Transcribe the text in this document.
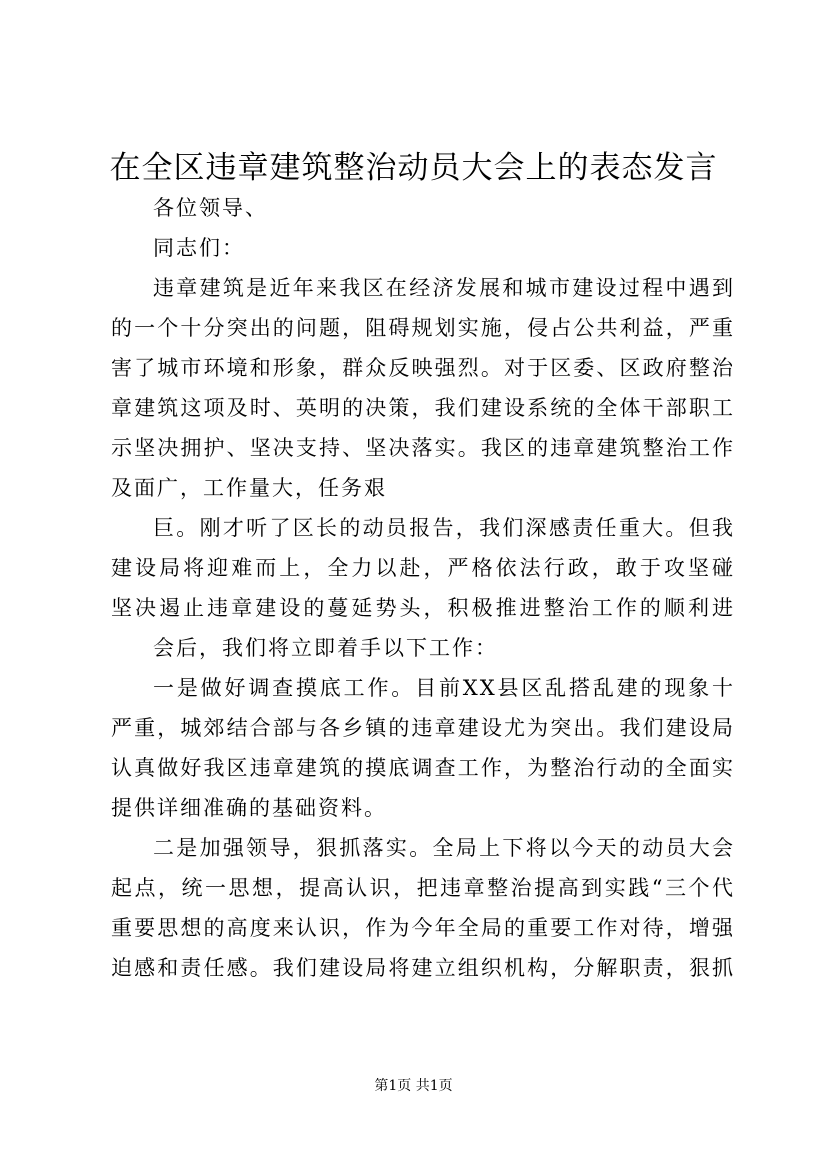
在全区违章建筑整治动员大会上的表态发言
各位领导、
同志们：
违章建筑是近年来我区在经济发展和城市建设过程中遇到
的一个十分突出的问题，阻碍规划实施，侵占公共利益，严重
害了城市环境和形象，群众反映强烈。对于区委、区政府整治
章建筑这项及时、英明的决策，我们建设系统的全体干部职工
示坚决拥护、坚决支持、坚决落实。我区的违章建筑整治工作
及面广，工作量大，任务艰
巨。刚才听了区长的动员报告，我们深感责任重大。但我
建设局将迎难而上，全力以赴，严格依法行政，敢于攻坚碰
坚决遏止违章建设的蔓延势头，积极推进整治工作的顺利进
会后，我们将立即着手以下工作：
一是做好调查摸底工作。目前XX县区乱搭乱建的现象十
严重，城郊结合部与各乡镇的违章建设尤为突出。我们建设局
认真做好我区违章建筑的摸底调查工作，为整治行动的全面实
提供详细准确的基础资料。
二是加强领导，狠抓落实。全局上下将以今天的动员大会
起点，统一思想，提高认识，把违章整治提高到实践“三个代
重要思想的高度来认识，作为今年全局的重要工作对待，增强
迫感和责任感。我们建设局将建立组织机构，分解职责，狠抓
第1页 共1页
